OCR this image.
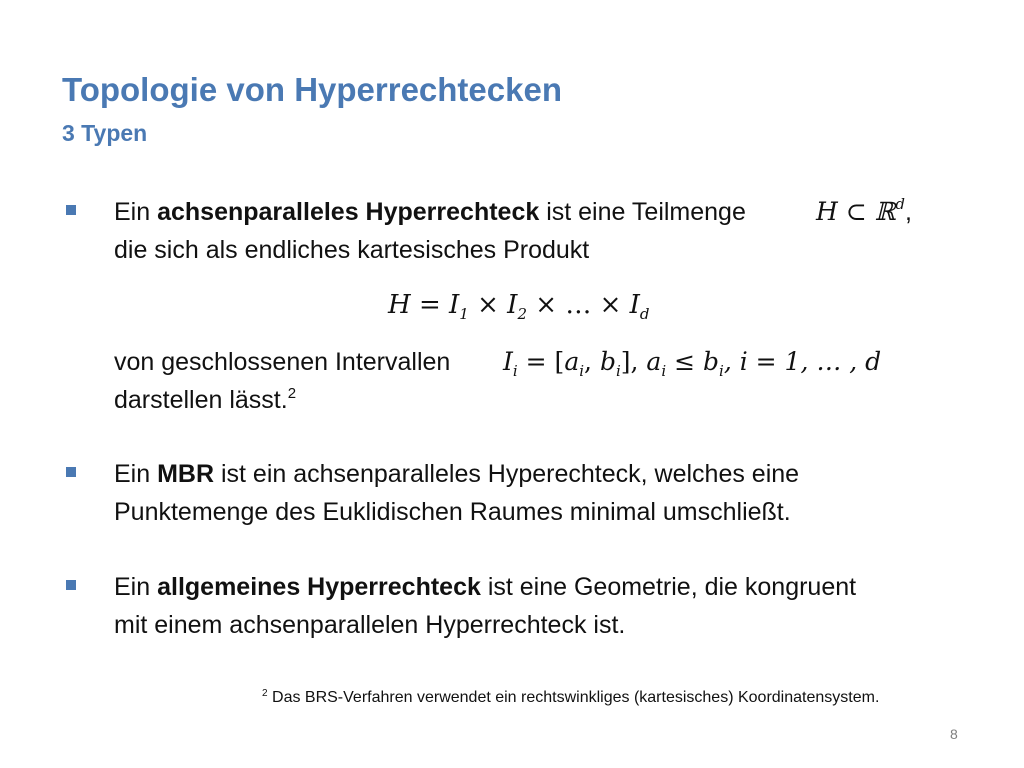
Topologie von Hyperrechtecken
3 Typen
Ein achsenparalleles Hyperrechteck ist eine Teilmenge	H ⊂ ℝ$^d$,
die sich als endliches kartesisches Produkt
$H = I_1 \times I_2$ × … × $I_d$
von geschlossenen Intervallen $I_i = [a_i$, $b_i$], $a_i \le b_i$, i = 1, … , d
darstellen lässt.$^2$
Ein MBR ist ein achsenparalleles Hyperechteck, welches eine
Punktemenge des Euklidischen Raumes minimal umschließt.
Ein allgemeines Hyperrechteck ist eine Geometrie, die kongruent
mit einem achsenparallelen Hyperrechteck ist.
$^2$ Das BRS-Verfahren verwendet ein rechtswinkliges (kartesisches) Koordinatensystem.
8
